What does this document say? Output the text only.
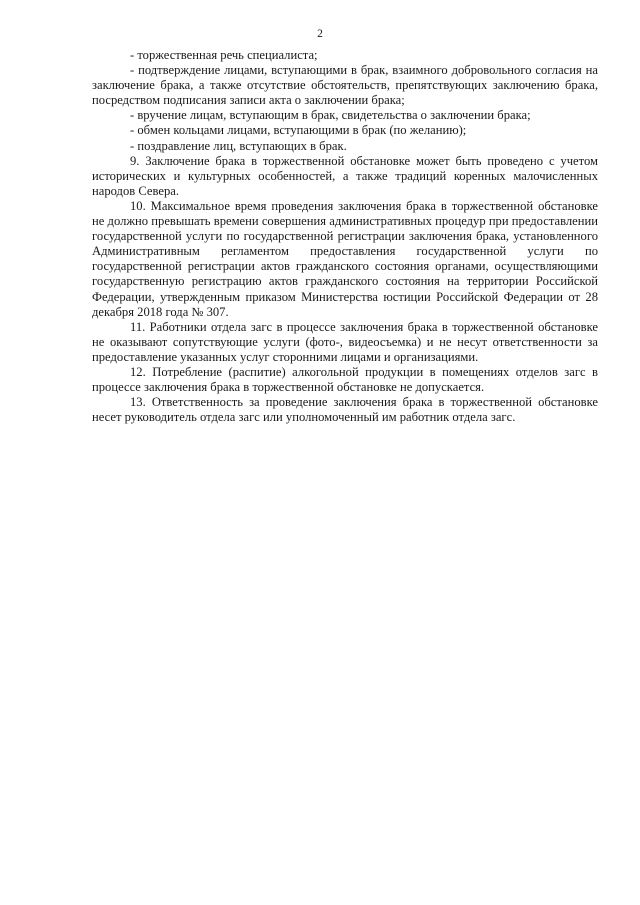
2

- торжественная речь специалиста;

- подтверждение лицами, вступающими в брак, взаимного добровольного согласия на заключение брака, а также отсутствие обстоятельств, препятствующих заключению брака, посредством подписания записи акта о заключении брака;

- вручение лицам, вступающим в брак, свидетельства о заключении брака;

- обмен кольцами лицами, вступающими в брак (по желанию);

- поздравление лиц, вступающих в брак.

9. Заключение брака в торжественной обстановке может быть проведено с учетом исторических и культурных особенностей, а также традиций коренных малочисленных народов Севера.

10. Максимальное время проведения заключения брака в торжественной обстановке не должно превышать времени совершения административных процедур при предоставлении государственной услуги по государственной регистрации заключения брака, установленного Административным регламентом предоставления государственной услуги по государственной регистрации актов гражданского состояния органами, осуществляющими государственную регистрацию актов гражданского состояния на территории Российской Федерации, утвержденным приказом Министерства юстиции Российской Федерации от 28 декабря 2018 года № 307.

11. Работники отдела загс в процессе заключения брака в торжественной обстановке не оказывают сопутствующие услуги (фото-, видеосъемка) и не несут ответственности за предоставление указанных услуг сторонними лицами и организациями.

12. Потребление (распитие) алкогольной продукции в помещениях отделов загс в процессе заключения брака в торжественной обстановке не допускается.

13. Ответственность за проведение заключения брака в торжественной обстановке несет руководитель отдела загс или уполномоченный им работник отдела загс.
